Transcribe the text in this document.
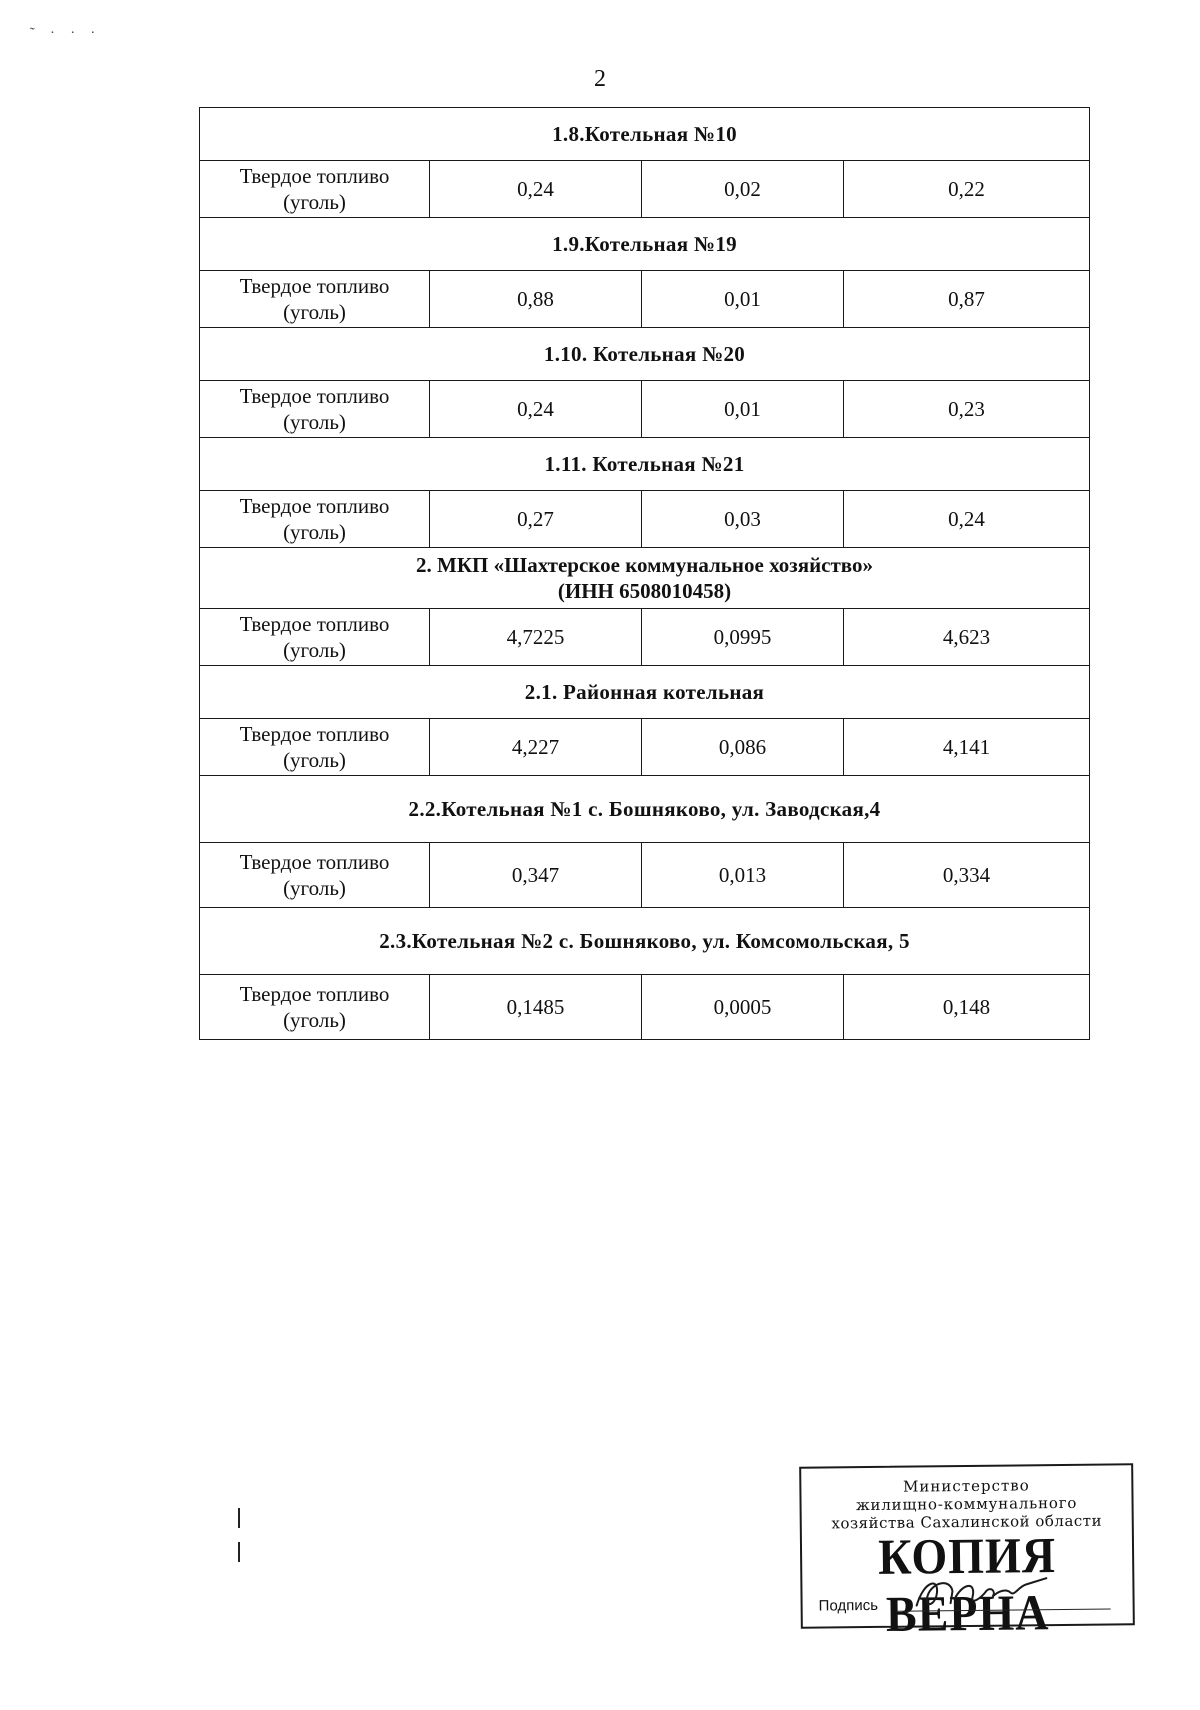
˜ · · ·
2
1.8.Котельная №10			
Твердое топливо
(уголь)	0,24	0,02	0,22
1.9.Котельная №19			
Твердое топливо
(уголь)	0,88	0,01	0,87
1.10. Котельная №20			
Твердое топливо
(уголь)	0,24	0,01	0,23
1.11. Котельная №21			
Твердое топливо
(уголь)	0,27	0,03	0,24
2. МКП «Шахтерское коммунальное хозяйство»
(ИНН 6508010458)			
Твердое топливо
(уголь)	4,7225	0,0995	4,623
2.1. Районная котельная			
Твердое топливо
(уголь)	4,227	0,086	4,141
2.2.Котельная №1 с. Бошняково, ул. Заводская,4			
Твердое топливо
(уголь)	0,347	0,013	0,334
2.3.Котельная №2 с. Бошняково, ул. Комсомольская, 5			
Твердое топливо
(уголь)	0,1485	0,0005	0,148
Министерство
жилищно-коммунального
хозяйства Сахалинской области
КОПИЯ ВЕРНА
Подпись
